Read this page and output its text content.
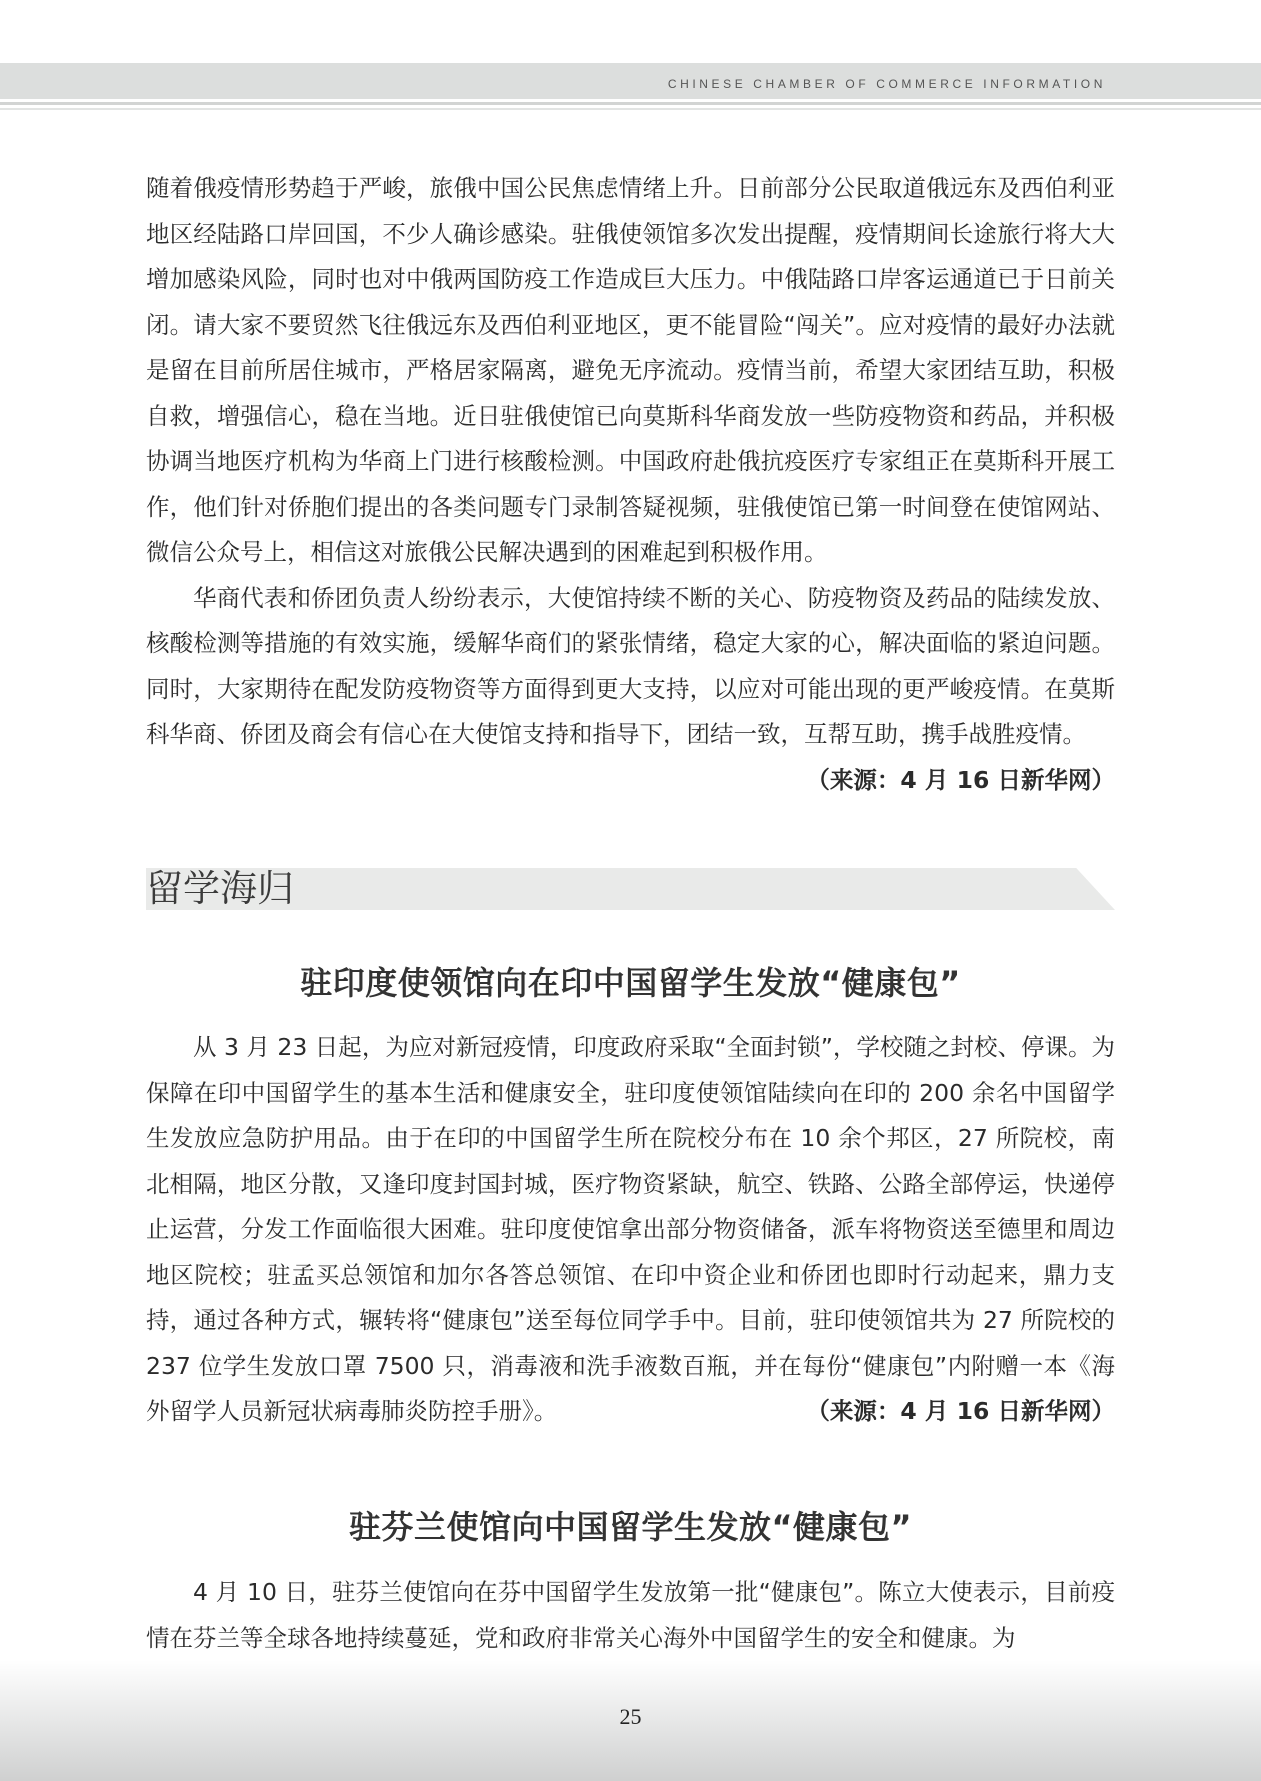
CHINESE CHAMBER OF COMMERCE INFORMATION

随着俄疫情形势趋于严峻，旅俄中国公民焦虑情绪上升。日前部分公民取道俄远东及西伯利亚地区经陆路口岸回国，不少人确诊感染。驻俄使领馆多次发出提醒，疫情期间长途旅行将大大增加感染风险，同时也对中俄两国防疫工作造成巨大压力。中俄陆路口岸客运通道已于日前关闭。请大家不要贸然飞往俄远东及西伯利亚地区，更不能冒险“闯关”。应对疫情的最好办法就是留在目前所居住城市，严格居家隔离，避免无序流动。疫情当前，希望大家团结互助，积极自救，增强信心，稳在当地。近日驻俄使馆已向莫斯科华商发放一些防疫物资和药品，并积极协调当地医疗机构为华商上门进行核酸检测。中国政府赴俄抗疫医疗专家组正在莫斯科开展工作，他们针对侨胞们提出的各类问题专门录制答疑视频，驻俄使馆已第一时间登在使馆网站、微信公众号上，相信这对旅俄公民解决遇到的困难起到积极作用。

华商代表和侨团负责人纷纷表示，大使馆持续不断的关心、防疫物资及药品的陆续发放、核酸检测等措施的有效实施，缓解华商们的紧张情绪，稳定大家的心，解决面临的紧迫问题。同时，大家期待在配发防疫物资等方面得到更大支持，以应对可能出现的更严峻疫情。在莫斯科华商、侨团及商会有信心在大使馆支持和指导下，团结一致，互帮互助，携手战胜疫情。
（来源：4 月 16 日新华网）

留学海归
驻印度使领馆向在印中国留学生发放“健康包”

从 3 月 23 日起，为应对新冠疫情，印度政府采取“全面封锁”，学校随之封校、停课。为保障在印中国留学生的基本生活和健康安全，驻印度使领馆陆续向在印的 200 余名中国留学生发放应急防护用品。由于在印的中国留学生所在院校分布在 10 余个邦区，27 所院校，南北相隔，地区分散，又逢印度封国封城，医疗物资紧缺，航空、铁路、公路全部停运，快递停止运营，分发工作面临很大困难。驻印度使馆拿出部分物资储备，派车将物资送至德里和周边地区院校；驻孟买总领馆和加尔各答总领馆、在印中资企业和侨团也即时行动起来，鼎力支持，通过各种方式，辗转将“健康包”送至每位同学手中。目前，驻印使领馆共为 27 所院校的 237 位学生发放口罩 7500 只，消毒液和洗手液数百瓶，并在每份“健康包”内附赠一本《海外留学人员新冠状病毒肺炎防控手册》。	（来源：4 月 16 日新华网）

驻芬兰使馆向中国留学生发放“健康包”

4 月 10 日，驻芬兰使馆向在芬中国留学生发放第一批“健康包”。陈立大使表示，目前疫情在芬兰等全球各地持续蔓延，党和政府非常关心海外中国留学生的安全和健康。为

25
